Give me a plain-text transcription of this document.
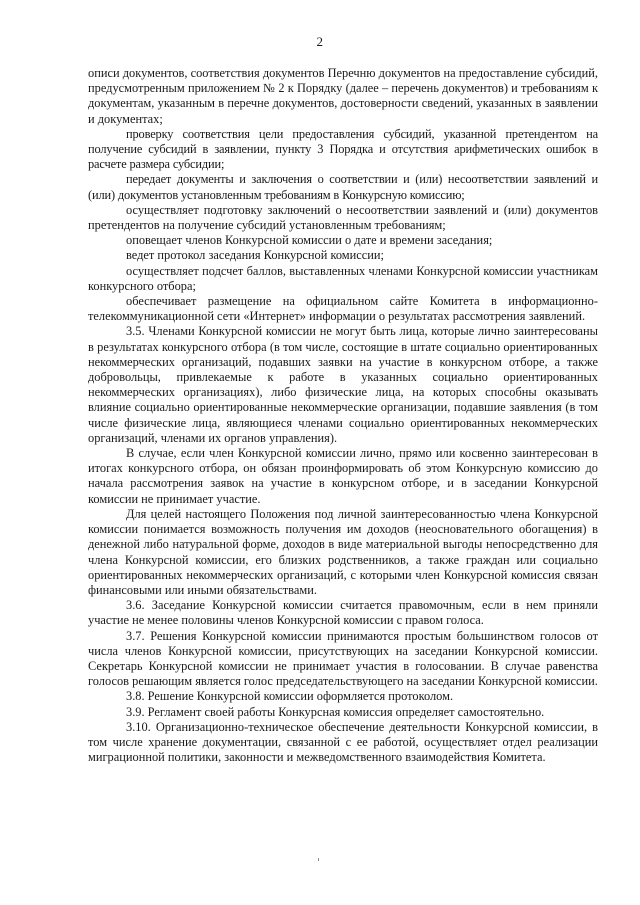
2

описи документов, соответствия документов Перечню документов на предоставление субсидий, предусмотренным приложением № 2 к Порядку (далее – перечень документов) и требованиям к документам, указанным в перечне документов, достоверности сведений, указанных в заявлении и документах;

проверку соответствия цели предоставления субсидий, указанной претендентом на получение субсидий в заявлении, пункту 3 Порядка и отсутствия арифметических ошибок в расчете размера субсидии;

передает документы и заключения о соответствии и (или) несоответствии заявлений и (или) документов установленным требованиям в Конкурсную комиссию;

осуществляет подготовку заключений о несоответствии заявлений и (или) документов претендентов на получение субсидий установленным требованиям;

оповещает членов Конкурсной комиссии о дате и времени заседания;

ведет протокол заседания Конкурсной комиссии;

осуществляет подсчет баллов, выставленных членами Конкурсной комиссии участникам конкурсного отбора;

обеспечивает размещение на официальном сайте Комитета в информационно-телекоммуникационной сети «Интернет» информации о результатах рассмотрения заявлений.

3.5. Членами Конкурсной комиссии не могут быть лица, которые лично заинтересованы в результатах конкурсного отбора (в том числе, состоящие в штате социально ориентированных некоммерческих организаций, подавших заявки на участие в конкурсном отборе, а также добровольцы, привлекаемые к работе в указанных социально ориентированных некоммерческих организациях), либо физические лица, на которых способны оказывать влияние социально ориентированные некоммерческие организации, подавшие заявления (в том числе физические лица, являющиеся членами социально ориентированных некоммерческих организаций, членами их органов управления).

В случае, если член Конкурсной комиссии лично, прямо или косвенно заинтересован в итогах конкурсного отбора, он обязан проинформировать об этом Конкурсную комиссию до начала рассмотрения заявок на участие в конкурсном отборе, и в заседании Конкурсной комиссии не принимает участие.

Для целей настоящего Положения под личной заинтересованностью члена Конкурсной комиссии понимается возможность получения им доходов (неосновательного обогащения) в денежной либо натуральной форме, доходов в виде материальной выгоды непосредственно для члена Конкурсной комиссии, его близких родственников, а также граждан или социально ориентированных некоммерческих организаций, с которыми член Конкурсной комиссия связан финансовыми или иными обязательствами.

3.6. Заседание Конкурсной комиссии считается правомочным, если в нем приняли участие не менее половины членов Конкурсной комиссии с правом голоса.

3.7. Решения Конкурсной комиссии принимаются простым большинством голосов от числа членов Конкурсной комиссии, присутствующих на заседании Конкурсной комиссии. Секретарь Конкурсной комиссии не принимает участия в голосовании. В случае равенства голосов решающим является голос председательствующего на заседании Конкурсной комиссии.

3.8. Решение Конкурсной комиссии оформляется протоколом.

3.9. Регламент своей работы Конкурсная комиссия определяет самостоятельно.

3.10. Организационно-техническое обеспечение деятельности Конкурсной комиссии, в том числе хранение документации, связанной с ее работой, осуществляет отдел реализации миграционной политики, законности и межведомственного взаимодействия Комитета.
